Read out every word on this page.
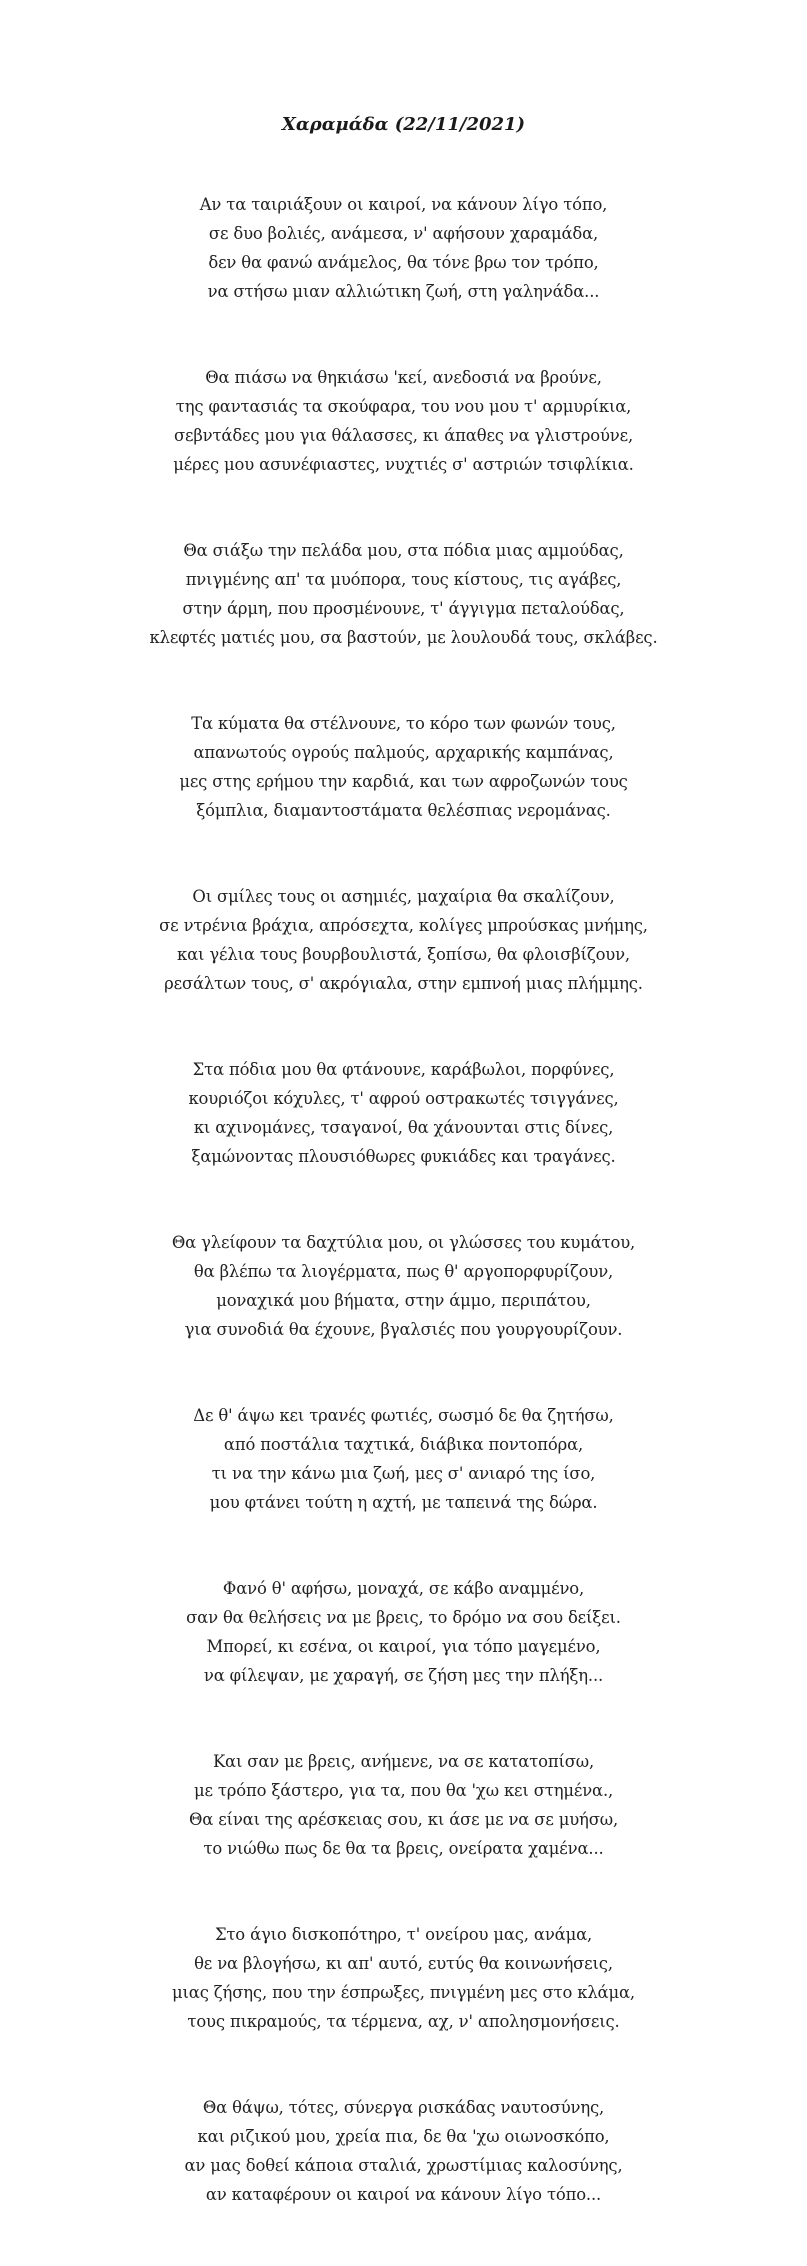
Χαραμάδα (22/11/2021)
Αν τα ταιριάξουν οι καιροί, να κάνουν λίγο τόπο,
σε δυο βολιές, ανάμεσα, ν' αφήσουν χαραμάδα,
δεν θα φανώ ανάμελος, θα τόνε βρω τον τρόπο,
να στήσω μιαν αλλιώτικη ζωή, στη γαληνάδα...
Θα πιάσω να θηκιάσω 'κεί, ανεδοσιά να βρούνε,
της φαντασιάς τα σκούφαρα, του νου μου τ' αρμυρίκια,
σεβντάδες μου για θάλασσες, κι άπαθες να γλιστρούνε,
μέρες μου ασυνέφιαστες, νυχτιές σ' αστριών τσιφλίκια.
Θα σιάξω την πελάδα μου, στα πόδια μιας αμμούδας,
πνιγμένης απ' τα μυόπορα, τους κίστους, τις αγάβες,
στην άρμη, που προσμένουνε, τ' άγγιγμα πεταλούδας,
κλεφτές ματιές μου, σα βαστούν, με λουλουδά τους, σκλάβες.
Τα κύματα θα στέλνουνε, το κόρο των φωνών τους,
απανωτούς ογρούς παλμούς, αρχαρικής καμπάνας,
μες στης ερήμου την καρδιά, και των αφροζωνών τους
ξόμπλια, διαμαντοστάματα θελέσπιας νερομάνας.
Οι σμίλες τους οι ασημιές, μαχαίρια θα σκαλίζουν,
σε ντρένια βράχια, απρόσεχτα, κολίγες μπρούσκας μνήμης,
και γέλια τους βουρβουλιστά, ξοπίσω, θα φλοισβίζουν,
ρεσάλτων τους, σ' ακρόγιαλα, στην εμπνοή μιας πλήμμης.
Στα πόδια μου θα φτάνουνε, καράβωλοι, πορφύνες,
κουριόζοι κόχυλες, τ' αφρού οστρακωτές τσιγγάνες,
κι αχινομάνες, τσαγανοί, θα χάνουνται στις δίνες,
ξαμώνοντας πλουσιόθωρες φυκιάδες και τραγάνες.
Θα γλείφουν τα δαχτύλια μου, οι γλώσσες του κυμάτου,
θα βλέπω τα λιογέρματα, πως θ' αργοπορφυρίζουν,
μοναχικά μου βήματα, στην άμμο, περιπάτου,
για συνοδιά θα έχουνε, βγαλσιές που γουργουρίζουν.
Δε θ' άψω κει τρανές φωτιές, σωσμό δε θα ζητήσω,
από ποστάλια ταχτικά, διάβικα ποντοπόρα,
τι να την κάνω μια ζωή, μες σ' ανιαρό της ίσο,
μου φτάνει τούτη η αχτή, με ταπεινά της δώρα.
Φανό θ' αφήσω, μοναχά, σε κάβο αναμμένο,
σαν θα θελήσεις να με βρεις, το δρόμο να σου δείξει.
Μπορεί, κι εσένα, οι καιροί, για τόπο μαγεμένο,
να φίλεψαν, με χαραγή, σε ζήση μες την πλήξη...
Και σαν με βρεις, ανήμενε, να σε κατατοπίσω,
με τρόπο ξάστερο, για τα, που θα 'χω κει στημένα.,
Θα είναι της αρέσκειας σου, κι άσε με να σε μυήσω,
το νιώθω πως δε θα τα βρεις, ονείρατα χαμένα...
Στο άγιο δισκοπότηρο, τ' ονείρου μας, ανάμα,
θε να βλογήσω, κι απ' αυτό, ευτύς θα κοινωνήσεις,
μιας ζήσης, που την έσπρωξες, πνιγμένη μες στο κλάμα,
τους πικραμούς, τα τέρμενα, αχ, ν' απολησμονήσεις.
Θα θάψω, τότες, σύνεργα ρισκάδας ναυτοσύνης,
και ριζικού μου, χρεία πια, δε θα 'χω οιωνοσκόπο,
αν μας δοθεί κάποια σταλιά, χρωστίμιας καλοσύνης,
αν καταφέρουν οι καιροί να κάνουν λίγο τόπο...
